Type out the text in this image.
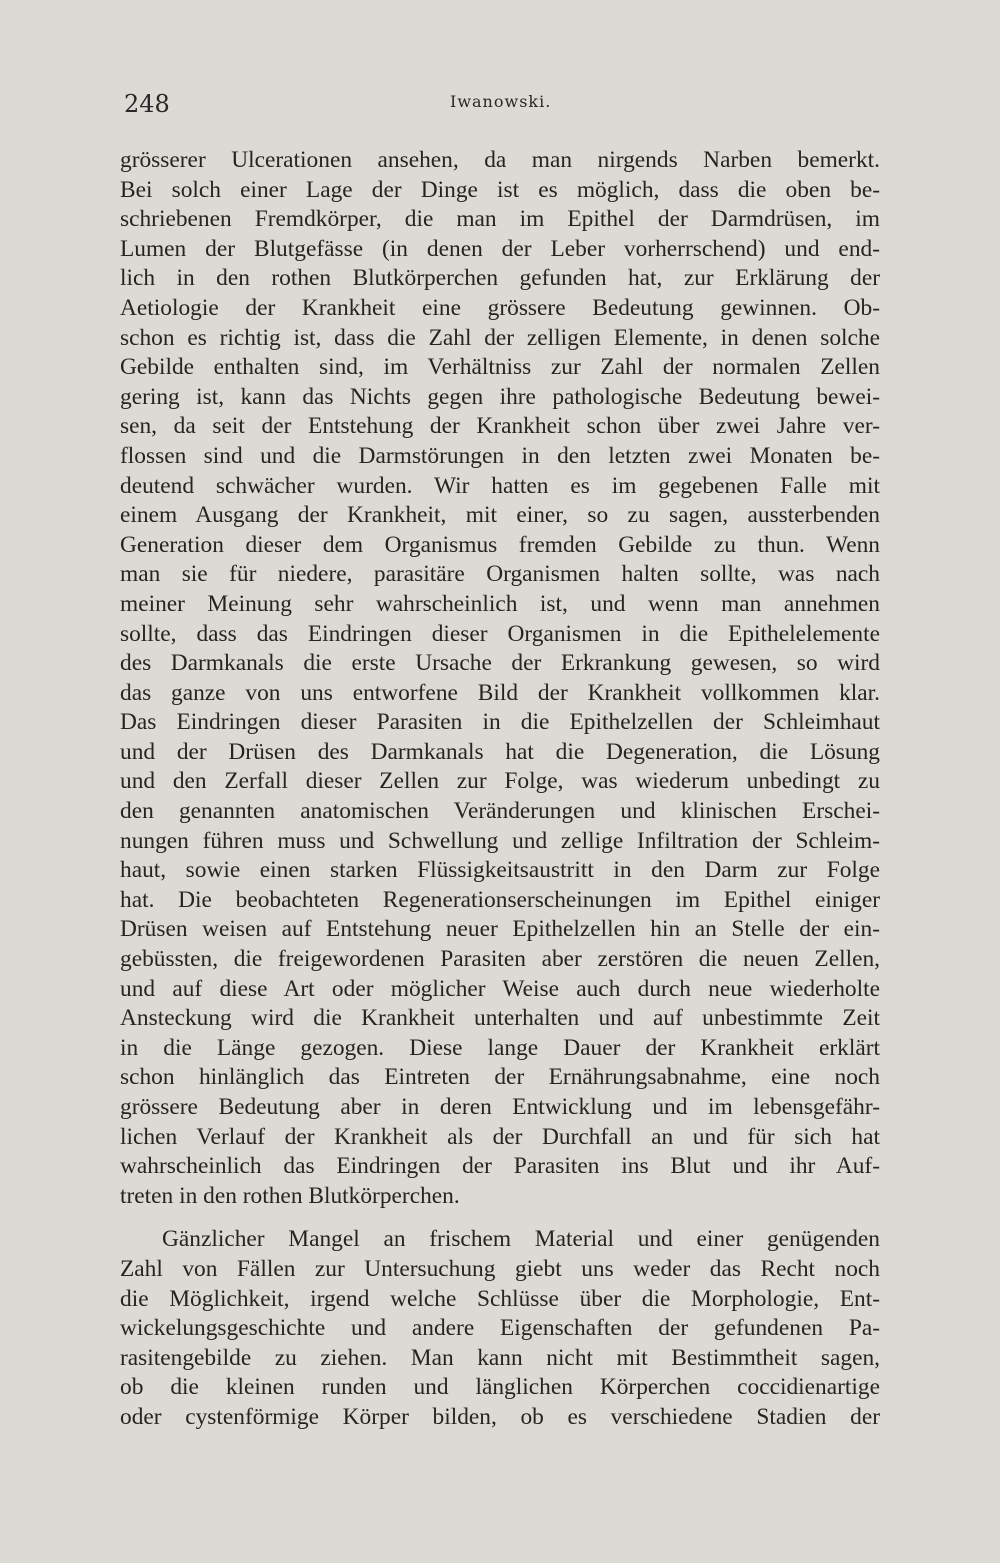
248	Iwanowski.
grösserer Ulcerationen ansehen, da man nirgends Narben bemerkt.
Bei solch einer Lage der Dinge ist es möglich, dass die oben be-
schriebenen Fremdkörper, die man im Epithel der Darmdrüsen, im
Lumen der Blutgefässe (in denen der Leber vorherrschend) und end-
lich in den rothen Blutkörperchen gefunden hat, zur Erklärung der
Aetiologie der Krankheit eine grössere Bedeutung gewinnen. Ob-
schon es richtig ist, dass die Zahl der zelligen Elemente, in denen solche
Gebilde enthalten sind, im Verhältniss zur Zahl der normalen Zellen
gering ist, kann das Nichts gegen ihre pathologische Bedeutung bewei-
sen, da seit der Entstehung der Krankheit schon über zwei Jahre ver-
flossen sind und die Darmstörungen in den letzten zwei Monaten be-
deutend schwächer wurden. Wir hatten es im gegebenen Falle mit
einem Ausgang der Krankheit, mit einer, so zu sagen, aussterbenden
Generation dieser dem Organismus fremden Gebilde zu thun. Wenn
man sie für niedere, parasitäre Organismen halten sollte, was nach
meiner Meinung sehr wahrscheinlich ist, und wenn man annehmen
sollte, dass das Eindringen dieser Organismen in die Epithelelemente
des Darmkanals die erste Ursache der Erkrankung gewesen, so wird
das ganze von uns entworfene Bild der Krankheit vollkommen klar.
Das Eindringen dieser Parasiten in die Epithelzellen der Schleimhaut
und der Drüsen des Darmkanals hat die Degeneration, die Lösung
und den Zerfall dieser Zellen zur Folge, was wiederum unbedingt zu
den genannten anatomischen Veränderungen und klinischen Erschei-
nungen führen muss und Schwellung und zellige Infiltration der Schleim-
haut, sowie einen starken Flüssigkeitsaustritt in den Darm zur Folge
hat. Die beobachteten Regenerationserscheinungen im Epithel einiger
Drüsen weisen auf Entstehung neuer Epithelzellen hin an Stelle der ein-
gebüssten, die freigewordenen Parasiten aber zerstören die neuen Zellen,
und auf diese Art oder möglicher Weise auch durch neue wiederholte
Ansteckung wird die Krankheit unterhalten und auf unbestimmte Zeit
in die Länge gezogen. Diese lange Dauer der Krankheit erklärt
schon hinlänglich das Eintreten der Ernährungsabnahme, eine noch
grössere Bedeutung aber in deren Entwicklung und im lebensgefähr-
lichen Verlauf der Krankheit als der Durchfall an und für sich hat
wahrscheinlich das Eindringen der Parasiten ins Blut und ihr Auf-
treten in den rothen Blutkörperchen.
Gänzlicher Mangel an frischem Material und einer genügenden
Zahl von Fällen zur Untersuchung giebt uns weder das Recht noch
die Möglichkeit, irgend welche Schlüsse über die Morphologie, Ent-
wickelungsgeschichte und andere Eigenschaften der gefundenen Pa-
rasitengebilde zu ziehen. Man kann nicht mit Bestimmtheit sagen,
ob die kleinen runden und länglichen Körperchen coccidienartige
oder cystenförmige Körper bilden, ob es verschiedene Stadien der
